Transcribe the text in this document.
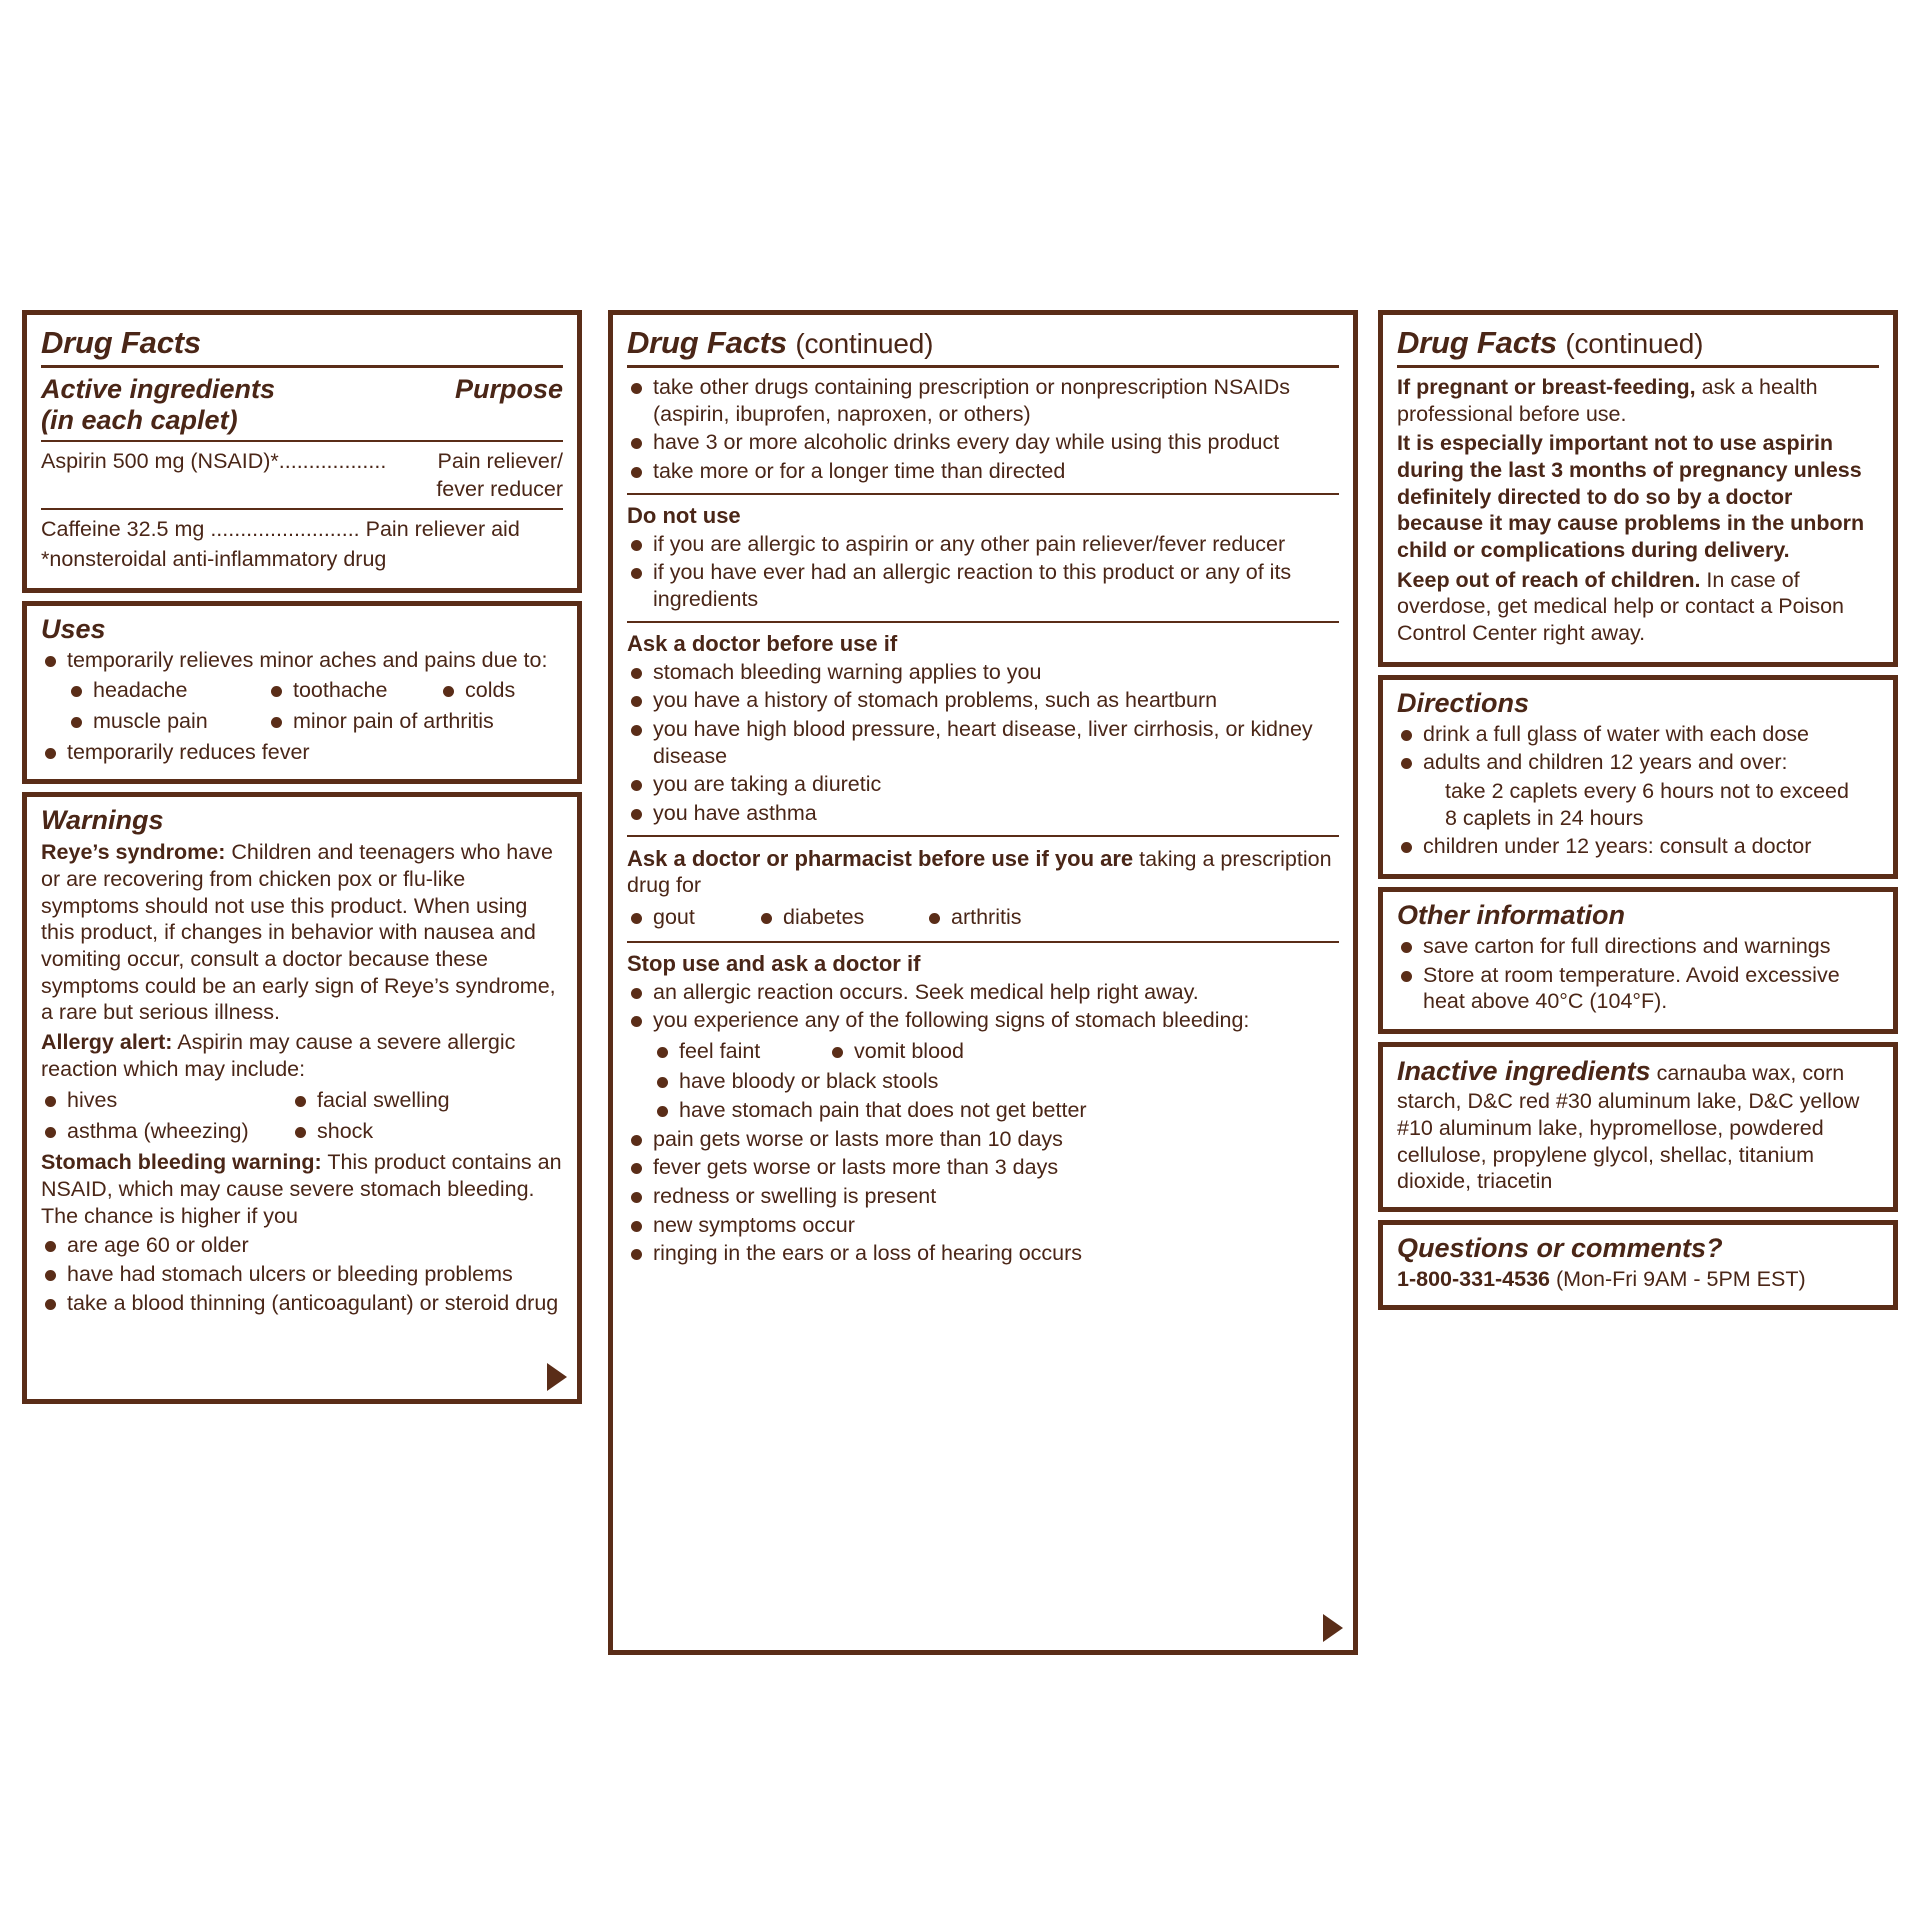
Drug Facts
Active ingredients	Purpose
(in each caplet)
Aspirin 500 mg (NSAID)*.................. Pain reliever/
fever reducer
Caffeine 32.5 mg ......................... Pain reliever aid
*nonsteroidal anti-inflammatory drug
Uses
temporarily relieves minor aches and pains due to:
headache	toothache	colds
muscle pain	minor pain of arthritis
temporarily reduces fever
Warnings
Reye’s syndrome: Children and teenagers who have or are recovering from chicken pox or flu-like symptoms should not use this product. When using this product, if changes in behavior with nausea and vomiting occur, consult a doctor because these symptoms could be an early sign of Reye’s syndrome, a rare but serious illness.
Allergy alert: Aspirin may cause a severe allergic reaction which may include:
hives	facial swelling
asthma (wheezing)	shock
Stomach bleeding warning: This product contains an NSAID, which may cause severe stomach bleeding. The chance is higher if you
are age 60 or older
have had stomach ulcers or bleeding problems
take a blood thinning (anticoagulant) or steroid drug
Drug Facts (continued)
take other drugs containing prescription or nonprescription NSAIDs (aspirin, ibuprofen, naproxen, or others)
have 3 or more alcoholic drinks every day while using this product
take more or for a longer time than directed
Do not use
if you are allergic to aspirin or any other pain reliever/fever reducer
if you have ever had an allergic reaction to this product or any of its ingredients
Ask a doctor before use if
stomach bleeding warning applies to you
you have a history of stomach problems, such as heartburn
you have high blood pressure, heart disease, liver cirrhosis, or kidney disease
you are taking a diuretic
you have asthma
Ask a doctor or pharmacist before use if you are taking a prescription drug for
gout	diabetes	arthritis
Stop use and ask a doctor if
an allergic reaction occurs. Seek medical help right away.
you experience any of the following signs of stomach bleeding:
feel faint	vomit blood
have bloody or black stools
have stomach pain that does not get better
pain gets worse or lasts more than 10 days
fever gets worse or lasts more than 3 days
redness or swelling is present
new symptoms occur
ringing in the ears or a loss of hearing occurs
Drug Facts (continued)
If pregnant or breast-feeding, ask a health professional before use.
It is especially important not to use aspirin during the last 3 months of pregnancy unless definitely directed to do so by a doctor because it may cause problems in the unborn child or complications during delivery.
Keep out of reach of children. In case of overdose, get medical help or contact a Poison Control Center right away.
Directions
drink a full glass of water with each dose
adults and children 12 years and over:
take 2 caplets every 6 hours not to exceed
8 caplets in 24 hours
children under 12 years: consult a doctor
Other information
save carton for full directions and warnings
Store at room temperature. Avoid excessive heat above 40°C (104°F).
Inactive ingredients carnauba wax, corn starch, D&C red #30 aluminum lake, D&C yellow #10 aluminum lake, hypromellose, powdered cellulose, propylene glycol, shellac, titanium dioxide, triacetin
Questions or comments?
1-800-331-4536 (Mon-Fri 9AM - 5PM EST)
